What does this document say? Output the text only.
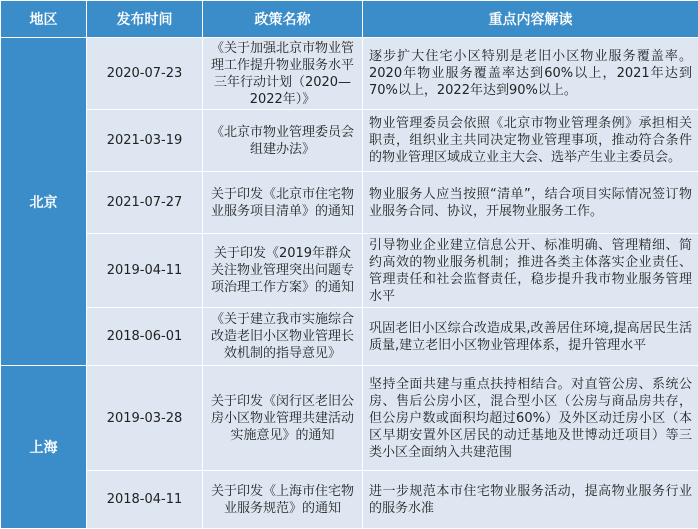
地区	发布时间	政策名称	重点内容解读
北京	2020-07-23	《关于加强北京市物业管理工作提升物业服务水平三年行动计划（2020—2022年）》	逐步扩大住宅小区特别是老旧小区物业服务覆盖率。2020年物业服务覆盖率达到60%以上，2021年达到70%以上，2022年达到90%以上。
	2021-03-19	《北京市物业管理委员会组建办法》	物业管理委员会依照《北京市物业管理条例》承担相关职责，组织业主共同决定物业管理事项，推动符合条件的物业管理区域成立业主大会、选举产生业主委员会。
	2021-07-27	关于印发《北京市住宅物业服务项目清单》的通知	物业服务人应当按照“清单”，结合项目实际情况签订物业服务合同、协议，开展物业服务工作。
	2019-04-11	关于印发《2019年群众关注物业管理突出问题专项治理工作方案》的通知	引导物业企业建立信息公开、标准明确、管理精细、简约高效的物业服务机制；推进各类主体落实企业责任、管理责任和社会监督责任，稳步提升我市物业服务管理水平
	2018-06-01	《关于建立我市实施综合改造老旧小区物业管理长效机制的指导意见》	巩固老旧小区综合改造成果,改善居住环境,提高居民生活质量,建立老旧小区物业管理体系，提升管理水平
上海	2019-03-28	关于印发《闵行区老旧公房小区物业管理共建活动实施意见》的通知	坚持全面共建与重点扶持相结合。对直管公房、系统公房、售后公房小区，混合型小区（公房与商品房共存，但公房户数或面积均超过60%）及外区动迁房小区（本区早期安置外区居民的动迁基地及世博动迁项目）等三类小区全面纳入共建范围
	2018-04-11	关于印发《上海市住宅物业服务规范》的通知	进一步规范本市住宅物业服务活动，提高物业服务行业的服务水准
